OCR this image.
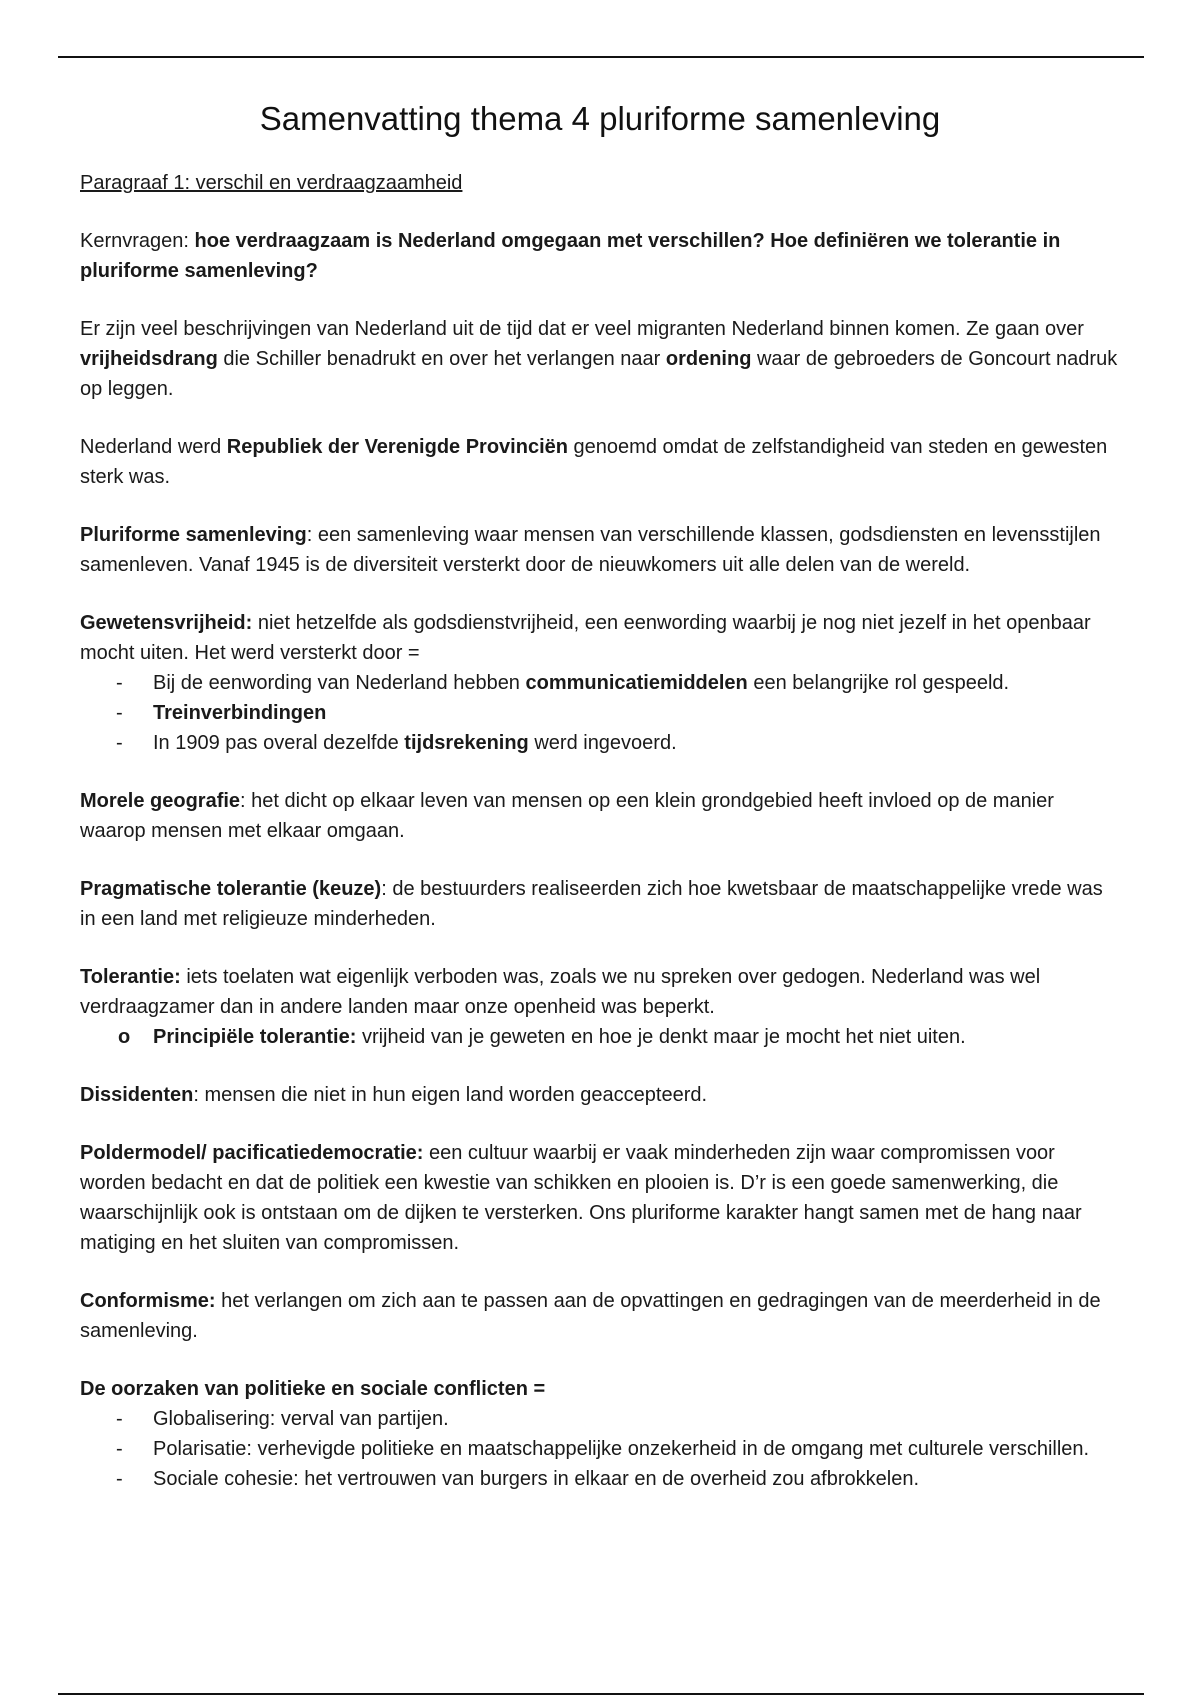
Samenvatting thema 4 pluriforme samenleving
Paragraaf 1: verschil en verdraagzaamheid

Kernvragen: hoe verdraagzaam is Nederland omgegaan met verschillen? Hoe definiëren we tolerantie in pluriforme samenleving?

Er zijn veel beschrijvingen van Nederland uit de tijd dat er veel migranten Nederland binnen komen. Ze gaan over vrijheidsdrang die Schiller benadrukt en over het verlangen naar ordening waar de gebroeders de Goncourt nadruk op leggen.

Nederland werd Republiek der Verenigde Provinciën genoemd omdat de zelfstandigheid van steden en gewesten sterk was.

Pluriforme samenleving: een samenleving waar mensen van verschillende klassen, godsdiensten en levensstijlen samenleven. Vanaf 1945 is de diversiteit versterkt door de nieuwkomers uit alle delen van de wereld.

Gewetensvrijheid: niet hetzelfde als godsdienstvrijheid, een eenwording waarbij je nog niet jezelf in het openbaar mocht uiten. Het werd versterkt door =

- Bij de eenwording van Nederland hebben communicatiemiddelen een belangrijke rol gespeeld.
- Treinverbindingen
- In 1909 pas overal dezelfde tijdsrekening werd ingevoerd.

Morele geografie: het dicht op elkaar leven van mensen op een klein grondgebied heeft invloed op de manier waarop mensen met elkaar omgaan.

Pragmatische tolerantie (keuze): de bestuurders realiseerden zich hoe kwetsbaar de maatschappelijke vrede was in een land met religieuze minderheden.

Tolerantie: iets toelaten wat eigenlijk verboden was, zoals we nu spreken over gedogen. Nederland was wel verdraagzamer dan in andere landen maar onze openheid was beperkt.

o Principiële tolerantie: vrijheid van je geweten en hoe je denkt maar je mocht het niet uiten.

Dissidenten: mensen die niet in hun eigen land worden geaccepteerd.

Poldermodel/ pacificatiedemocratie: een cultuur waarbij er vaak minderheden zijn waar compromissen voor worden bedacht en dat de politiek een kwestie van schikken en plooien is. D’r is een goede samenwerking, die waarschijnlijk ook is ontstaan om de dijken te versterken. Ons pluriforme karakter hangt samen met de hang naar matiging en het sluiten van compromissen.

Conformisme: het verlangen om zich aan te passen aan de opvattingen en gedragingen van de meerderheid in de samenleving.

De oorzaken van politieke en sociale conflicten =

- Globalisering: verval van partijen.
- Polarisatie: verhevigde politieke en maatschappelijke onzekerheid in de omgang met culturele verschillen.
- Sociale cohesie: het vertrouwen van burgers in elkaar en de overheid zou afbrokkelen.
